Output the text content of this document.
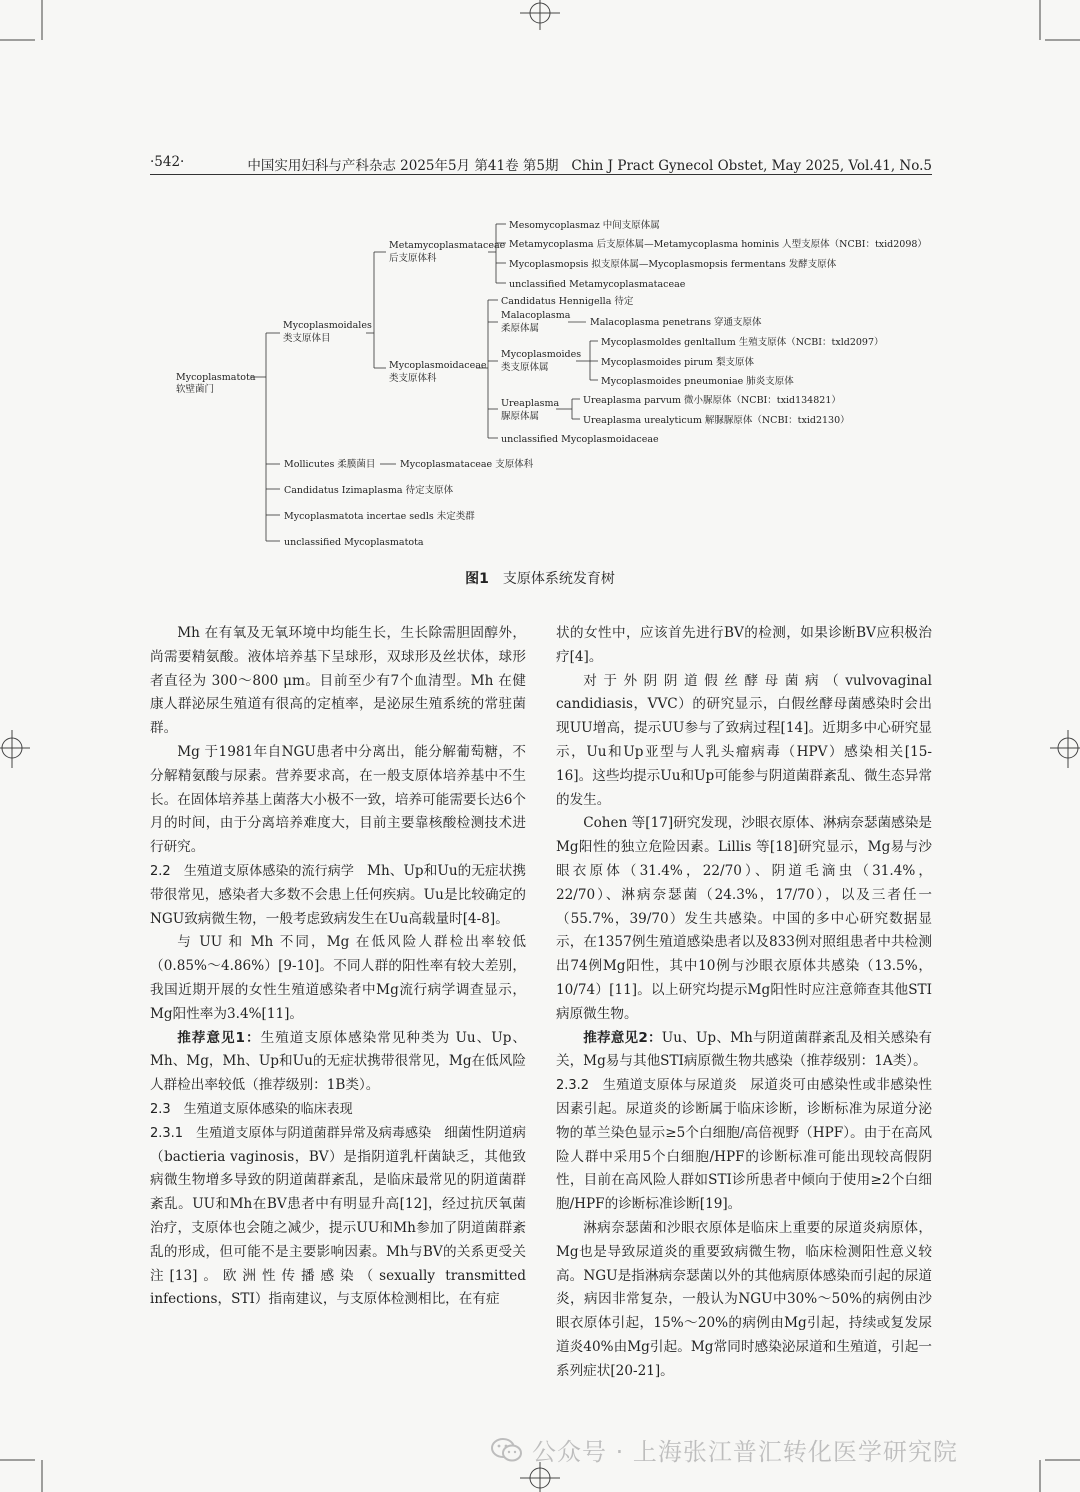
·542·	中国实用妇科与产科杂志 2025年5月 第41卷 第5期 Chin J Pract Gynecol Obstet, May 2025, Vol.41, No.5
Mycoplasmatota
软壁菌门
Mycoplasmoidales
类支原体目
Metamycoplasmataceae
后支原体科
Mesomycoplasmaz 中间支原体属
Metamycoplasma 后支原体属—Metamycoplasma hominis 人型支原体（NCBI：txid2098）
Mycoplasmopsis 拟支原体属—Mycoplasmopsis fermentans 发酵支原体
unclassified Metamycoplasmataceae
Mycoplasmoidaceae
类支原体科
Candidatus Hennigella 待定
Malacoplasma
柔原体属
Malacoplasma penetrans 穿通支原体
Mycoplasmoides
类支原体属
Mycoplasmoldes genltallum 生殖支原体（NCBI：txld2097）
Mycoplasmoides pirum 梨支原体
Mycoplasmoides pneumoniae 肺炎支原体
Ureaplasma
脲原体属
Ureaplasma parvum 微小脲原体（NCBI：txid134821）
Ureaplasma urealyticum 解脲脲原体（NCBI：txid2130）
unclassified Mycoplasmoidaceae
Mollicutes 柔膜菌目	Mycoplasmataceae 支原体科
Candidatus Izimaplasma 待定支原体
Mycoplasmatota incertae sedls 未定类群
unclassified Mycoplasmatota
图1 支原体系统发育树

Mh 在有氧及无氧环境中均能生长，生长除需胆固醇外，尚需要精氨酸。液体培养基下呈球形，双球形及丝状体，球形者直径为 300～800 μm。目前至少有7个血清型。Mh 在健康人群泌尿生殖道有很高的定植率，是泌尿生殖系统的常驻菌群。

Mg 于1981年自NGU患者中分离出，能分解葡萄糖，不分解精氨酸与尿素。营养要求高，在一般支原体培养基中不生长。在固体培养基上菌落大小极不一致，培养可能需要长达6个月的时间，由于分离培养难度大，目前主要靠核酸检测技术进行研究。

2.2　生殖道支原体感染的流行病学　Mh、Up和Uu的无症状携带很常见，感染者大多数不会患上任何疾病。Uu是比较确定的NGU致病微生物，一般考虑致病发生在Uu高载量时[4-8]。

与 UU 和 Mh 不同，Mg 在低风险人群检出率较低（0.85%～4.86%）[9-10]。不同人群的阳性率有较大差别，我国近期开展的女性生殖道感染者中Mg流行病学调查显示，Mg阳性率为3.4%[11]。

推荐意见1：生殖道支原体感染常见种类为 Uu、Up、Mh、Mg，Mh、Up和Uu的无症状携带很常见，Mg在低风险人群检出率较低（推荐级别：1B类）。

2.3　生殖道支原体感染的临床表现

2.3.1　生殖道支原体与阴道菌群异常及病毒感染　细菌性阴道病（bactieria vaginosis，BV）是指阴道乳杆菌缺乏，其他致病微生物增多导致的阴道菌群紊乱，是临床最常见的阴道菌群紊乱。UU和Mh在BV患者中有明显升高[12]，经过抗厌氧菌治疗，支原体也会随之减少，提示UU和Mh参加了阴道菌群紊乱的形成，但可能不是主要影响因素。Mh与BV的关系更受关注[13]。欧洲性传播感染（sexually transmitted infections，STI）指南建议，与支原体检测相比，在有症

状的女性中，应该首先进行BV的检测，如果诊断BV应积极治疗[4]。

对于外阴阴道假丝酵母菌病（vulvovaginal candidiasis，VVC）的研究显示，白假丝酵母菌感染时会出现UU增高，提示UU参与了致病过程[14]。近期多中心研究显示，Uu和Up亚型与人乳头瘤病毒（HPV）感染相关[15-16]。这些均提示Uu和Up可能参与阴道菌群紊乱、微生态异常的发生。

Cohen 等[17]研究发现，沙眼衣原体、淋病奈瑟菌感染是Mg阳性的独立危险因素。Lillis 等[18]研究显示，Mg易与沙眼衣原体（31.4%，22/70）、阴道毛滴虫（31.4%，22/70）、淋病奈瑟菌（24.3%，17/70），以及三者任一（55.7%，39/70）发生共感染。中国的多中心研究数据显示，在1357例生殖道感染患者以及833例对照组患者中共检测出74例Mg阳性，其中10例与沙眼衣原体共感染（13.5%，10/74）[11]。以上研究均提示Mg阳性时应注意筛查其他STI病原微生物。

推荐意见2：Uu、Up、Mh与阴道菌群紊乱及相关感染有关，Mg易与其他STI病原微生物共感染（推荐级别：1A类）。

2.3.2　生殖道支原体与尿道炎　尿道炎可由感染性或非感染性因素引起。尿道炎的诊断属于临床诊断，诊断标准为尿道分泌物的革兰染色显示≥5个白细胞/高倍视野（HPF）。由于在高风险人群中采用5个白细胞/HPF的诊断标准可能出现较高假阴性，目前在高风险人群如STI诊所患者中倾向于使用≥2个白细胞/HPF的诊断标准诊断[19]。

淋病奈瑟菌和沙眼衣原体是临床上重要的尿道炎病原体，Mg也是导致尿道炎的重要致病微生物，临床检测阳性意义较高。NGU是指淋病奈瑟菌以外的其他病原体感染而引起的尿道炎，病因非常复杂，一般认为NGU中30%～50%的病例由沙眼衣原体引起，15%～20%的病例由Mg引起，持续或复发尿道炎40%由Mg引起。Mg常同时感染泌尿道和生殖道，引起一系列症状[20-21]。

公众号 · 上海张江普汇转化医学研究院
